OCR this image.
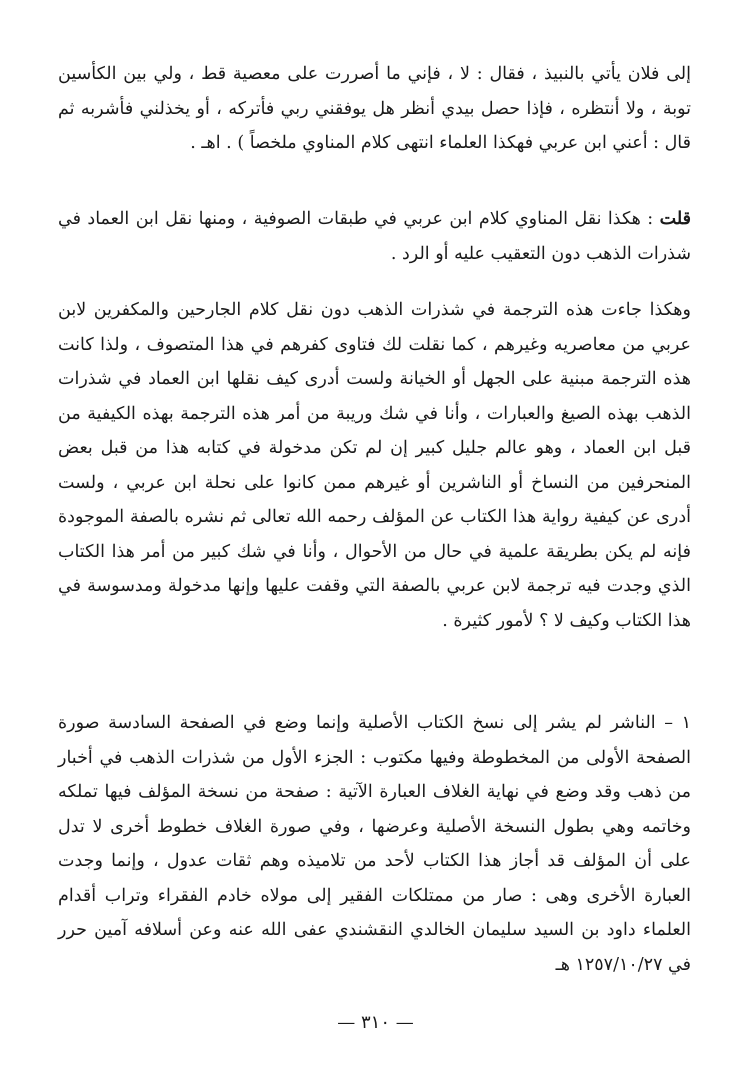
إلى فلان يأتي بالنبيذ ، فقال : لا ، فإني ما أصررت على معصية قط ، ولي بين الكأسين توبة ، ولا أنتظره ، فإذا حصل بيدي أنظر هل يوفقني ربي فأتركه ، أو يخذلني فأشربه ثم قال : أعني ابن عربي فهكذا العلماء انتهى كلام المناوي ملخصاً ) . اهـ .
قلت : هكذا نقل المناوي كلام ابن عربي في طبقات الصوفية ، ومنها نقل ابن العماد في شذرات الذهب دون التعقيب عليه أو الرد .
وهكذا جاءت هذه الترجمة في شذرات الذهب دون نقل كلام الجارحين والمكفرين لابن عربي من معاصريه وغيرهم ، كما نقلت لك فتاوى كفرهم في هذا المتصوف ، ولذا كانت هذه الترجمة مبنية على الجهل أو الخيانة ولست أدرى كيف نقلها ابن العماد في شذرات الذهب بهذه الصيغ والعبارات ، وأنا في شك وريبة من أمر هذه الترجمة بهذه الكيفية من قبل ابن العماد ، وهو عالم جليل كبير إن لم تكن مدخولة في كتابه هذا من قبل بعض المنحرفين من النساخ أو الناشرين أو غيرهم ممن كانوا على نحلة ابن عربي ، ولست أدرى عن كيفية رواية هذا الكتاب عن المؤلف رحمه الله تعالى ثم نشره بالصفة الموجودة فإنه لم يكن بطريقة علمية في حال من الأحوال ، وأنا في شك كبير من أمر هذا الكتاب الذي وجدت فيه ترجمة لابن عربي بالصفة التي وقفت عليها وإنها مدخولة ومدسوسة في هذا الكتاب وكيف لا ؟ لأمور كثيرة .
١ – الناشر لم يشر إلى نسخ الكتاب الأصلية وإنما وضع في الصفحة السادسة صورة الصفحة الأولى من المخطوطة وفيها مكتوب : الجزء الأول من شذرات الذهب في أخبار من ذهب وقد وضع في نهاية الغلاف العبارة الآتية : صفحة من نسخة المؤلف فيها تملكه وخاتمه وهي بطول النسخة الأصلية وعرضها ، وفي صورة الغلاف خطوط أخرى لا تدل على أن المؤلف قد أجاز هذا الكتاب لأحد من تلاميذه وهم ثقات عدول ، وإنما وجدت العبارة الأخرى وهى : صار من ممتلكات الفقير إلى مولاه خادم الفقراء وتراب أقدام العلماء داود بن السيد سليمان الخالدي النقشندي عفى الله عنه وعن أسلافه آمين حرر في ١٢٥٧/١٠/٢٧ هـ
— ٣١٠ —
